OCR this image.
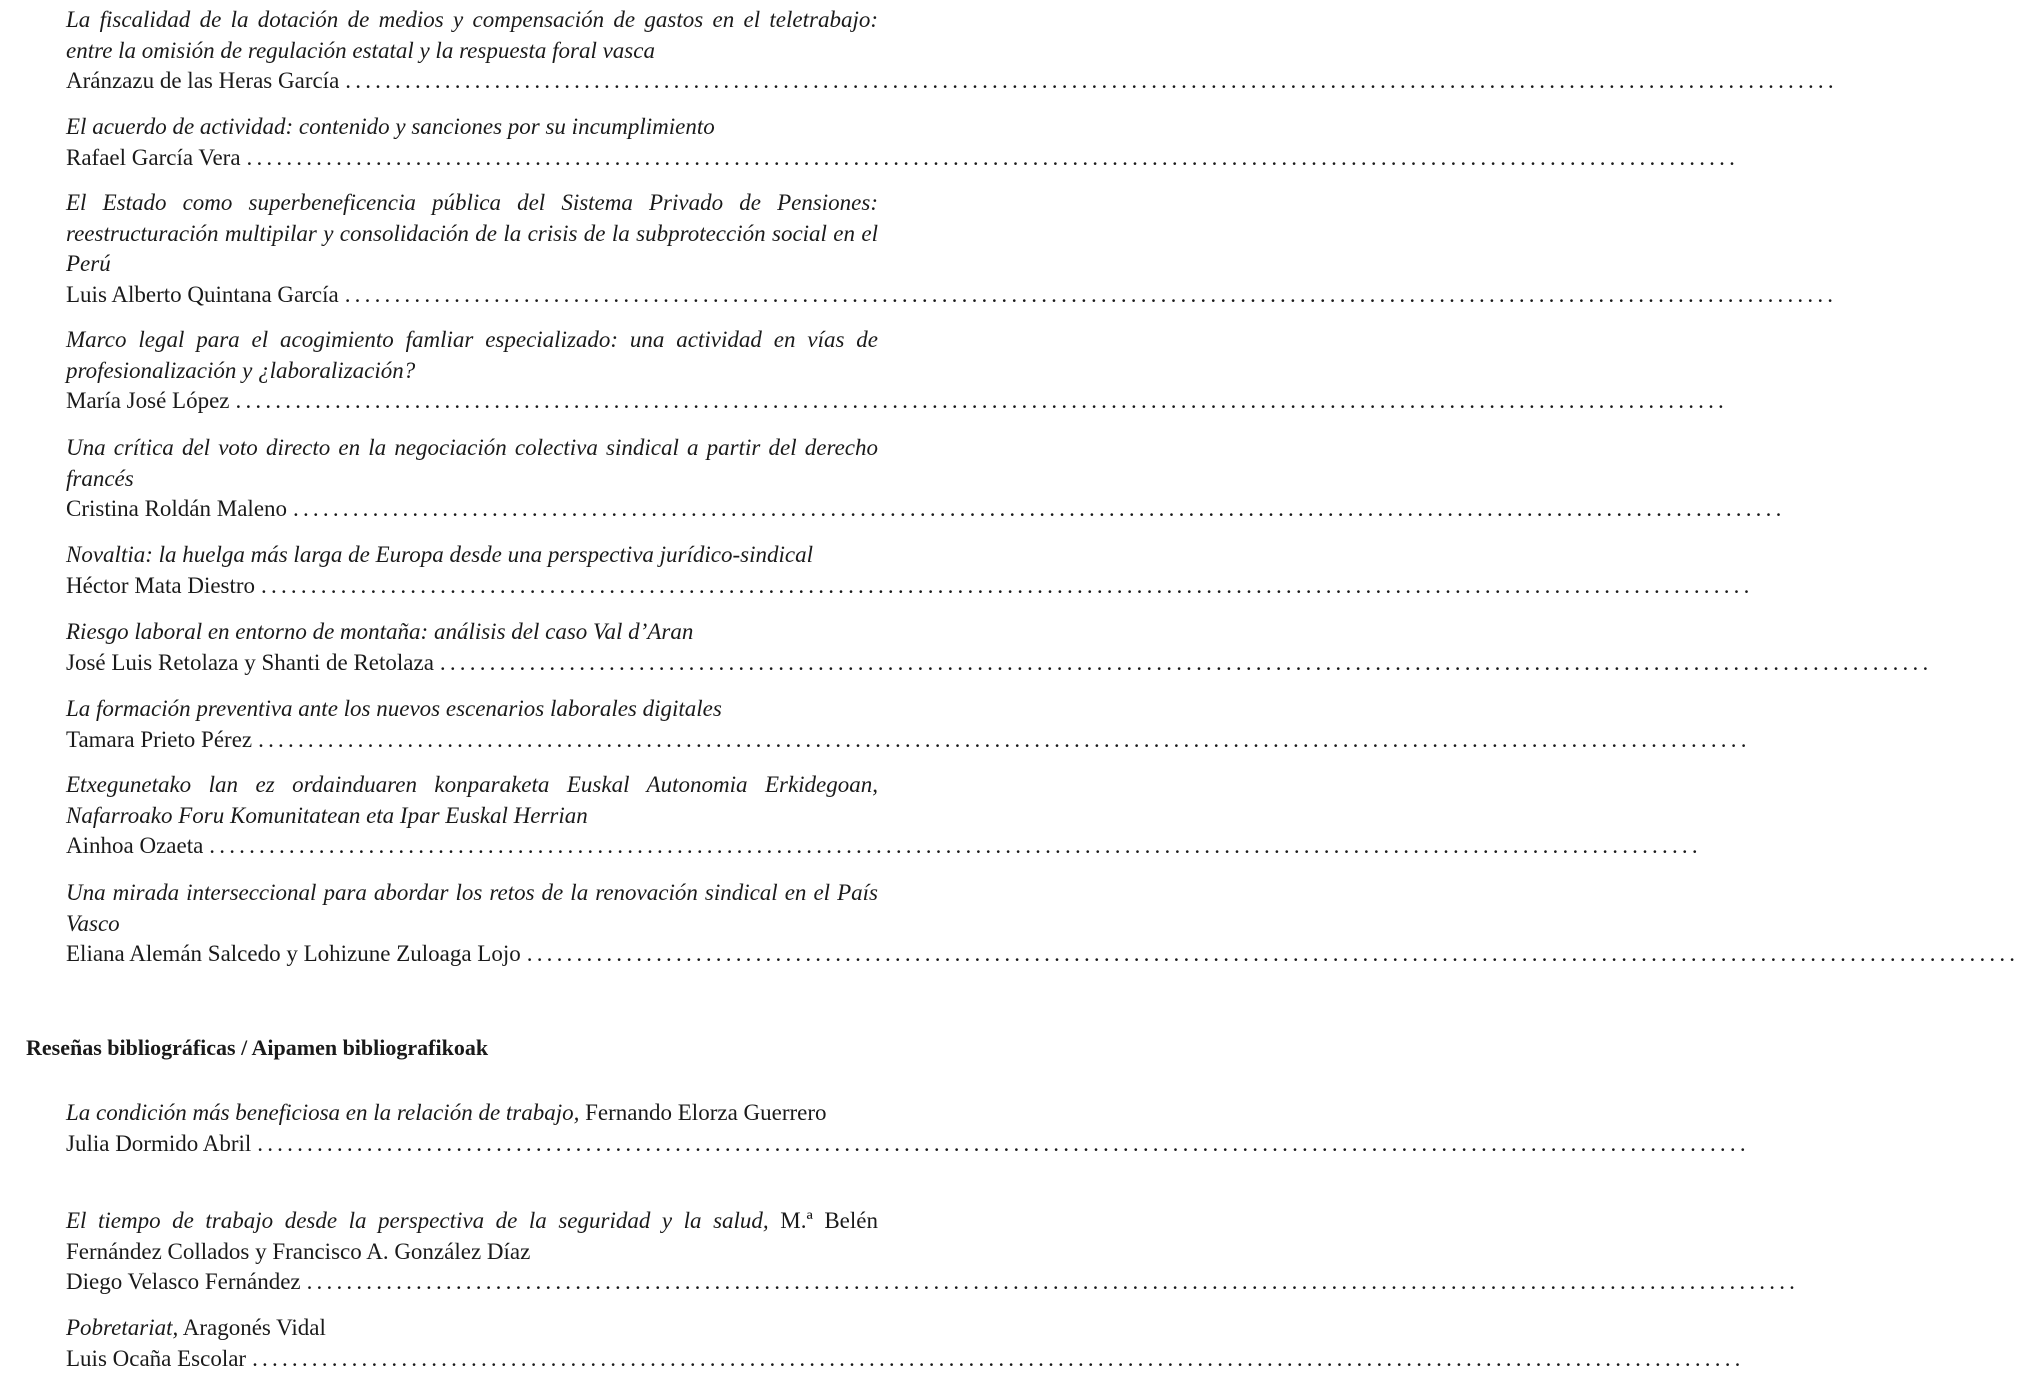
La fiscalidad de la dotación de medios y compensación de gastos en el teletrabajo: entre la omisión de regulación estatal y la respuesta foral vasca

Aránzazu de las Heras García ......................................................................................................................................................

El acuerdo de actividad: contenido y sanciones por su incumplimiento

Rafael García Vera ......................................................................................................................................................

El Estado como superbeneficencia pública del Sistema Privado de Pensiones: reestructuración multipilar y consolidación de la crisis de la subprotección social en el Perú

Luis Alberto Quintana García ......................................................................................................................................................

Marco legal para el acogimiento famliar especializado: una actividad en vías de profesionalización y ¿laboralización?

María José López ......................................................................................................................................................

Una crítica del voto directo en la negociación colectiva sindical a partir del derecho francés

Cristina Roldán Maleno ......................................................................................................................................................

Novaltia: la huelga más larga de Europa desde una perspectiva jurídico-sindical

Héctor Mata Diestro ......................................................................................................................................................

Riesgo laboral en entorno de montaña: análisis del caso Val d’Aran

José Luis Retolaza y Shanti de Retolaza ......................................................................................................................................................

La formación preventiva ante los nuevos escenarios laborales digitales

Tamara Prieto Pérez ......................................................................................................................................................

Etxegunetako lan ez ordainduaren konparaketa Euskal Autonomia Erkidegoan, Nafarroako Foru Komunitatean eta Ipar Euskal Herrian

Ainhoa Ozaeta ......................................................................................................................................................

Una mirada interseccional para abordar los retos de la renovación sindical en el País Vasco

Eliana Alemán Salcedo y Lohizune Zuloaga Lojo ......................................................................................................................................................
Reseñas bibliográficas / Aipamen bibliografikoak

La condición más beneficiosa en la relación de trabajo, Fernando Elorza Guerrero

Julia Dormido Abril ......................................................................................................................................................

El tiempo de trabajo desde la perspectiva de la seguridad y la salud, M.ª Belén Fernández Collados y Francisco A. González Díaz

Diego Velasco Fernández ......................................................................................................................................................

Pobretariat, Aragonés Vidal

Luis Ocaña Escolar ......................................................................................................................................................
